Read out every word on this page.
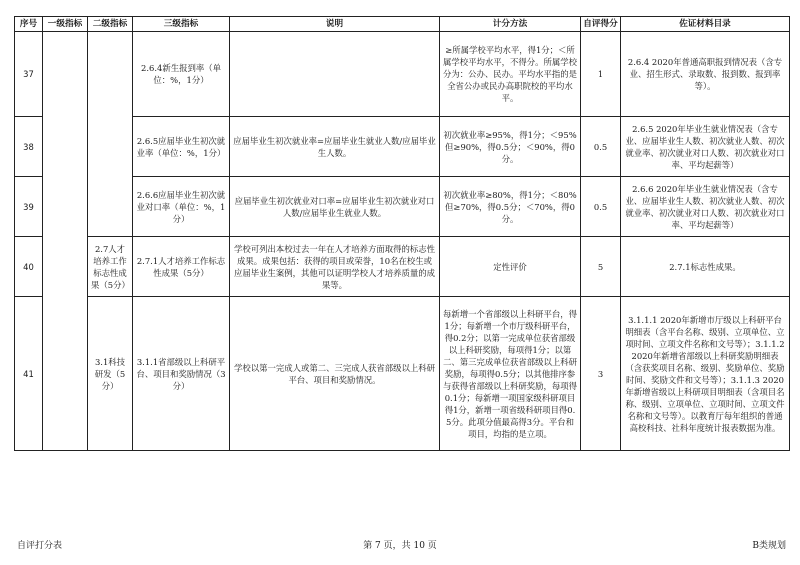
序号	一级指标	二级指标	三级指标	说明	计分方法	自评得分	佐证材料目录
37			2.6.4新生报到率（单位：%，1分）		≥所属学校平均水平，得1分；＜所属学校平均水平，不得分。所属学校分为：公办、民办。平均水平指的是全省公办或民办高职院校的平均水平。	1	2.6.4 2020年普通高职报到情况表（含专业、招生形式、录取数、报到数、报到率等）。
38			2.6.5应届毕业生初次就业率（单位：%，1分）	应届毕业生初次就业率=应届毕业生就业人数/应届毕业生人数。	初次就业率≥95%，得1分；＜95%但≥90%，得0.5分；＜90%，得0分。	0.5	2.6.5 2020年毕业生就业情况表（含专业、应届毕业生人数、初次就业人数、初次就业率、初次就业对口人数、初次就业对口率、平均起薪等）
39			2.6.6应届毕业生初次就业对口率（单位：%，1分）	应届毕业生初次就业对口率=应届毕业生初次就业对口人数/应届毕业生就业人数。	初次就业率≥80%，得1分；＜80%但≥70%，得0.5分；＜70%，得0分。	0.5	2.6.6 2020年毕业生就业情况表（含专业、应届毕业生人数、初次就业人数、初次就业率、初次就业对口人数、初次就业对口率、平均起薪等）
40		2.7人才培养工作标志性成果（5分）	2.7.1人才培养工作标志性成果（5分）	学校可列出本校过去一年在人才培养方面取得的标志性成果。成果包括：获得的项目或荣誉，10名在校生或应届毕业生案例，其他可以证明学校人才培养质量的成果等。	定性评价	5	2.7.1标志性成果。
41		3.1科技研发（5分）	3.1.1省部级以上科研平台、项目和奖励情况（3分）	学校以第一完成人或第二、三完成人获省部级以上科研平台、项目和奖励情况。	每新增一个省部级以上科研平台，得1分；每新增一个市厅级科研平台，得0.2分；以第一完成单位获省部级以上科研奖励，每项得1分；以第二、第三完成单位获省部级以上科研奖励，每项得0.5分；以其他排序参与获得省部级以上科研奖励，每项得0.1分；每新增一项国家级科研项目得1分，新增一项省级科研项目得0.5分。此项分值最高得3分。平台和项目，均指的是立项。	3	3.1.1.1 2020年新增市厅级以上科研平台明细表（含平台名称、级别、立项单位、立项时间、立项文件名称和文号等）；3.1.1.2 2020年新增省部级以上科研奖励明细表（含获奖项目名称、级别、奖励单位、奖励时间、奖励文件和文号等）；3.1.1.3 2020年新增省级以上科研项目明细表（含项目名称、级别、立项单位、立项时间、立项文件名称和文号等）。以教育厅每年组织的普通高校科技、社科年度统计报表数据为准。
自评打分表	第 7 页，共 10 页	B类规划
